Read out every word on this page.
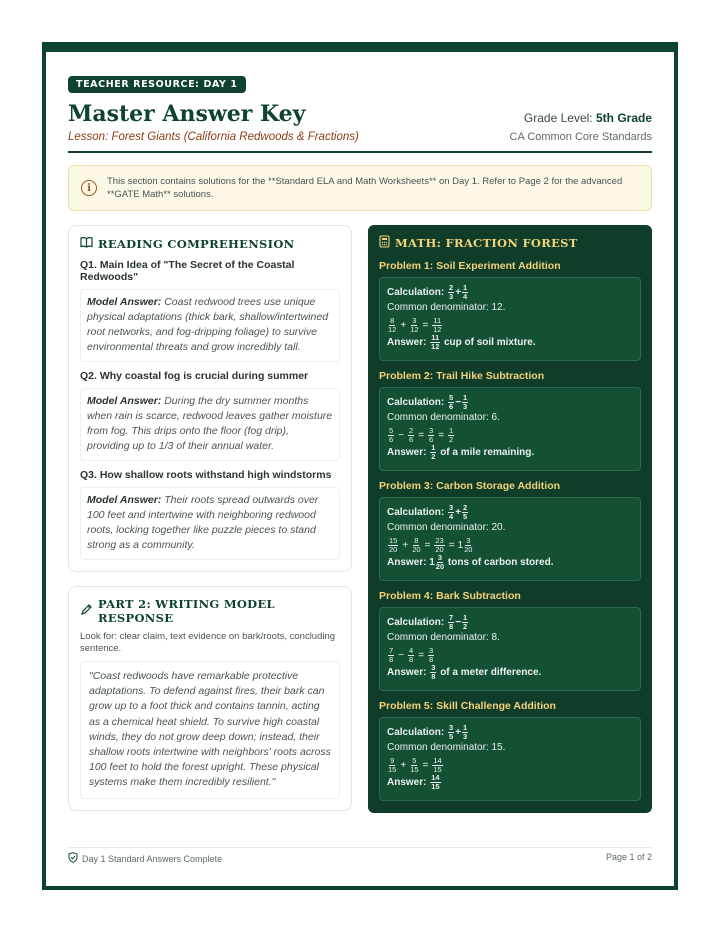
TEACHER RESOURCE: DAY 1
Master Answer Key
Lesson: Forest Giants (California Redwoods & Fractions)
Grade Level: 5th Grade
CA Common Core Standards
i
This section contains solutions for the **Standard ELA and Math Worksheets** on Day 1. Refer to Page 2 for the advanced **GATE Math** solutions.
READING COMPREHENSION
Q1. Main Idea of "The Secret of the Coastal Redwoods"
Model Answer: Coast redwood trees use unique physical adaptations (thick bark, shallow/intertwined root networks, and fog-dripping foliage) to survive environmental threats and grow incredibly tall.
Q2. Why coastal fog is crucial during summer
Model Answer: During the dry summer months when rain is scarce, redwood leaves gather moisture from fog. This drips onto the floor (fog drip), providing up to 1/3 of their annual water.
Q3. How shallow roots withstand high windstorms
Model Answer: Their roots spread outwards over 100 feet and intertwine with neighboring redwood roots, locking together like puzzle pieces to stand strong as a community.
PART 2: WRITING MODEL RESPONSE
Look for: clear claim, text evidence on bark/roots, concluding sentence.
"Coast redwoods have remarkable protective adaptations. To defend against fires, their bark can grow up to a foot thick and contains tannin, acting as a chemical heat shield. To survive high coastal winds, they do not grow deep down; instead, their shallow roots intertwine with neighbors' roots across 100 feet to hold the forest upright. These physical systems make them incredibly resilient."
MATH: FRACTION FOREST
Problem 1: Soil Experiment Addition
Calculation: $\frac{2}{3} + \frac{1}{4}$
Common denominator: 12.
$\frac{8}{12} + \frac{3}{12} = \frac{11}{12}$
Answer: $\frac{11}{12}$ cup of soil mixture.
Problem 2: Trail Hike Subtraction
Calculation: $\frac{5}{6} - \frac{1}{3}$
Common denominator: 6.
$\frac{5}{6} - \frac{2}{6} = \frac{3}{6} = \frac{1}{2}$
Answer: $\frac{1}{2}$ of a mile remaining.
Problem 3: Carbon Storage Addition
Calculation: $\frac{3}{4} + \frac{2}{5}$
Common denominator: 20.
$\frac{15}{20} + \frac{8}{20} = \frac{23}{20} = 1 \frac{3}{20}$
Answer: $1 \frac{3}{20}$ tons of carbon stored.
Problem 4: Bark Subtraction
Calculation: $\frac{7}{8} - \frac{1}{2}$
Common denominator: 8.
$\frac{7}{8} - \frac{4}{8} = \frac{3}{8}$
Answer: $\frac{3}{8}$ of a meter difference.
Problem 5: Skill Challenge Addition
Calculation: $\frac{3}{5} + \frac{1}{3}$
Common denominator: 15.
$\frac{9}{15} + \frac{5}{15} = \frac{14}{15}$
Answer: $\frac{14}{15}$
Day 1 Standard Answers Complete	Page 1 of 2
